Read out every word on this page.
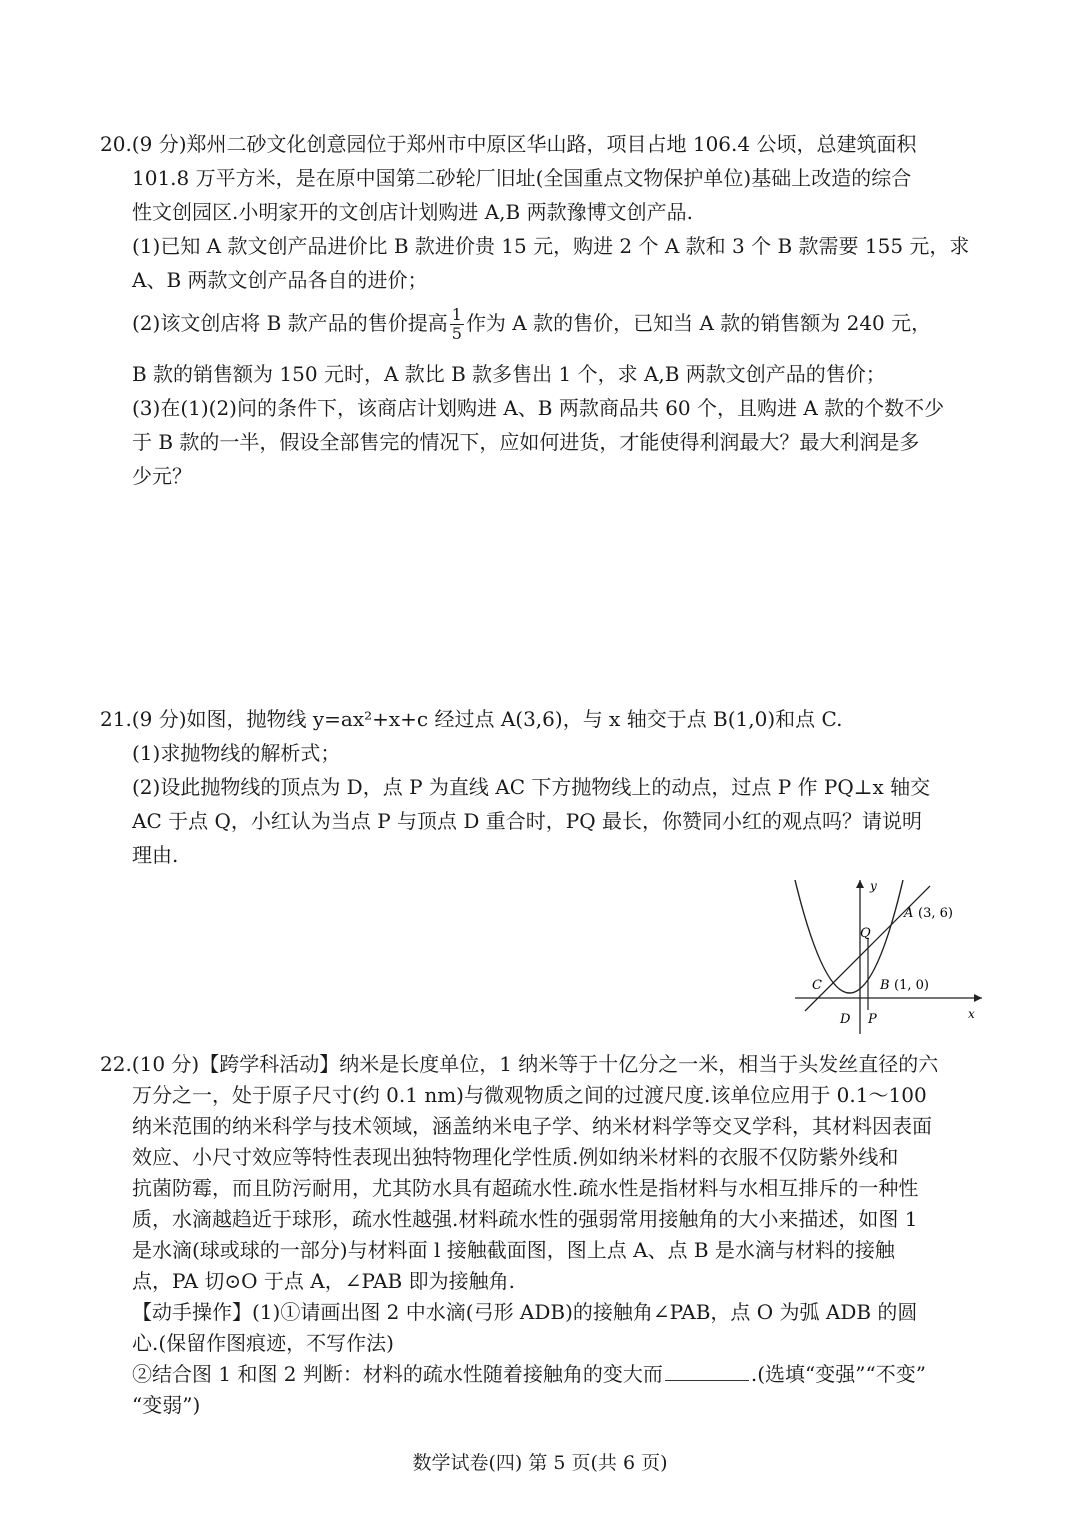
20.(9 分)郑州二砂文化创意园位于郑州市中原区华山路，项目占地 106.4 公顷，总建筑面积
101.8 万平方米，是在原中国第二砂轮厂旧址(全国重点文物保护单位)基础上改造的综合
性文创园区.小明家开的文创店计划购进 A,B 两款豫博文创产品.
(1)已知 A 款文创产品进价比 B 款进价贵 15 元，购进 2 个 A 款和 3 个 B 款需要 155 元，求
A、B 两款文创产品各自的进价；
(2)该文创店将 B 款产品的售价提高 $\frac{1}{5}$ 作为 A 款的售价，已知当 A 款的销售额为 240 元，
B 款的销售额为 150 元时，A 款比 B 款多售出 1 个，求 A,B 两款文创产品的售价；
(3)在(1)(2)问的条件下，该商店计划购进 A、B 两款商品共 60 个，且购进 A 款的个数不少
于 B 款的一半，假设全部售完的情况下，应如何进货，才能使得利润最大？最大利润是多
少元？
21.(9 分)如图，抛物线 y=ax²+x+c 经过点 A(3,6)，与 x 轴交于点 B(1,0)和点 C.
(1)求抛物线的解析式；
(2)设此抛物线的顶点为 D，点 P 为直线 AC 下方抛物线上的动点，过点 P 作 PQ⊥x 轴交
AC 于点 Q，小红认为当点 P 与顶点 D 重合时，PQ 最长，你赞同小红的观点吗？请说明
理由.
y
x
A (3, 6)
B (1, 0)
C
D P
Q
22.(10 分)【跨学科活动】纳米是长度单位，1 纳米等于十亿分之一米，相当于头发丝直径的六
万分之一，处于原子尺寸(约 0.1 nm)与微观物质之间的过渡尺度.该单位应用于 0.1～100
纳米范围的纳米科学与技术领域，涵盖纳米电子学、纳米材料学等交叉学科，其材料因表面
效应、小尺寸效应等特性表现出独特物理化学性质.例如纳米材料的衣服不仅防紫外线和
抗菌防霉，而且防污耐用，尤其防水具有超疏水性.疏水性是指材料与水相互排斥的一种性
质，水滴越趋近于球形，疏水性越强.材料疏水性的强弱常用接触角的大小来描述，如图 1
是水滴(球或球的一部分)与材料面 l 接触截面图，图上点 A、点 B 是水滴与材料的接触
点，PA 切⊙O 于点 A，∠PAB 即为接触角.
【动手操作】(1)①请画出图 2 中水滴(弓形 ADB)的接触角∠PAB，点 O 为弧 ADB 的圆
心.(保留作图痕迹，不写作法)
②结合图 1 和图 2 判断：材料的疏水性随着接触角的变大而	.(选填“变强”“不变”
“变弱”)
数学试卷(四) 第 5 页(共 6 页)
